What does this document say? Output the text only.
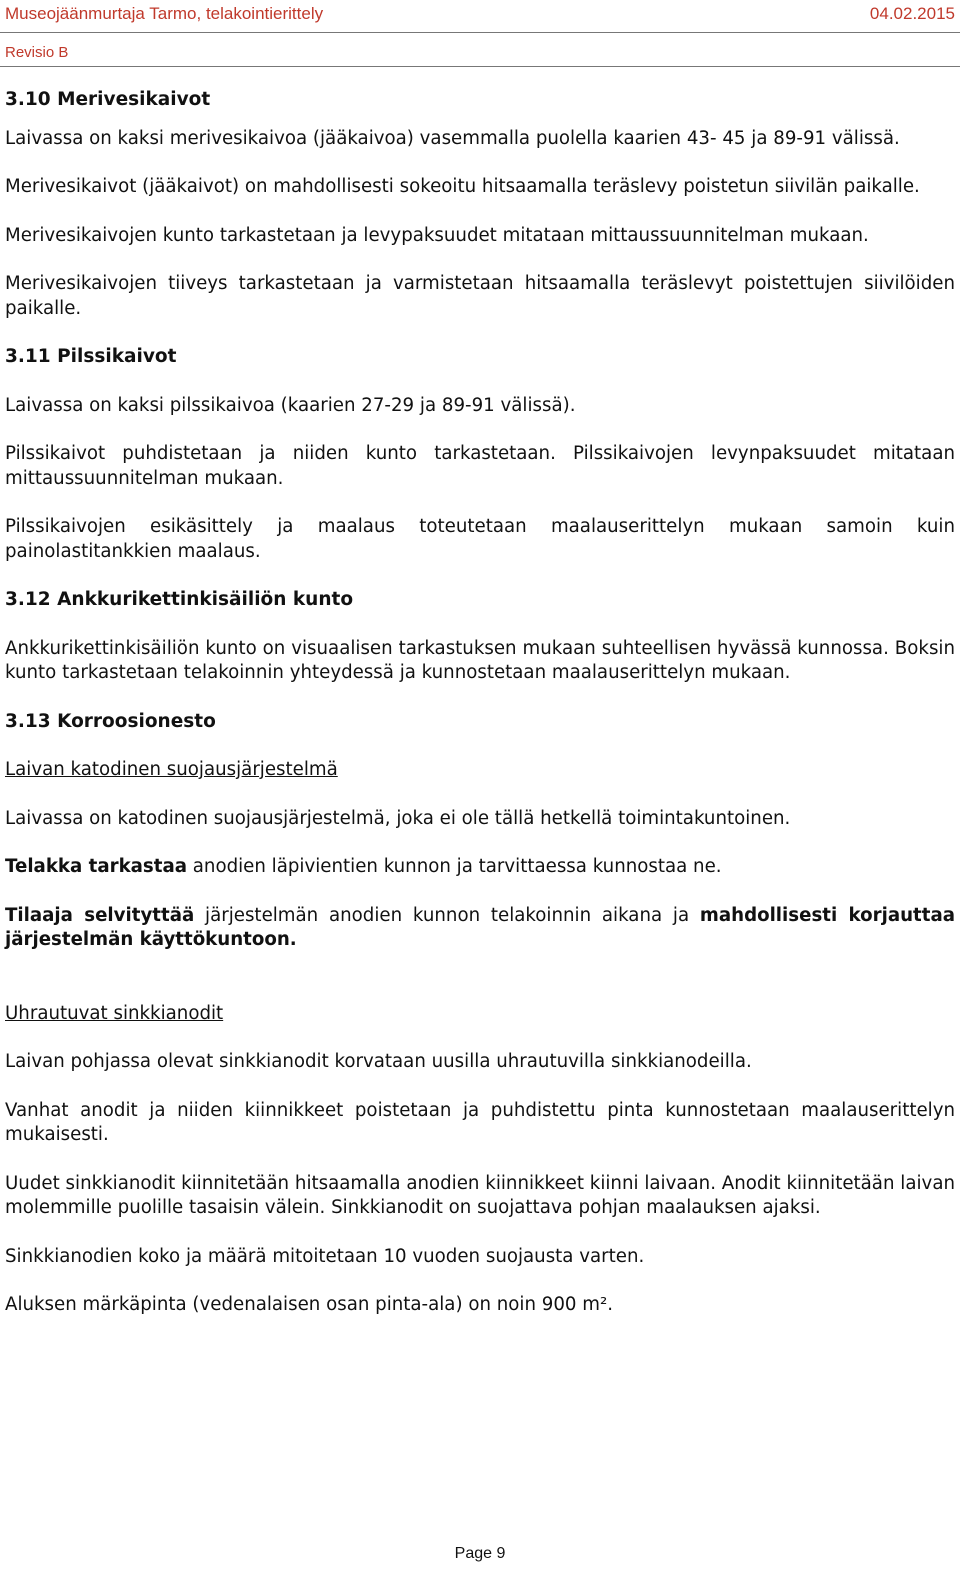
Museojäänmurtaja Tarmo, telakointierittely	04.02.2015
Revisio B
3.10 Merivesikaivot

Laivassa on kaksi merivesikaivoa (jääkaivoa) vasemmalla puolella kaarien 43- 45 ja 89-91 välissä.

Merivesikaivot (jääkaivot) on mahdollisesti sokeoitu hitsaamalla teräslevy poistetun siivilän paikalle.

Merivesikaivojen kunto tarkastetaan ja levypaksuudet mitataan mittaussuunnitelman mukaan.

Merivesikaivojen tiiveys tarkastetaan ja varmistetaan hitsaamalla teräslevyt poistettujen siivilöiden paikalle.

3.11 Pilssikaivot

Laivassa on kaksi pilssikaivoa (kaarien 27-29 ja 89-91 välissä).

Pilssikaivot puhdistetaan ja niiden kunto tarkastetaan. Pilssikaivojen levynpaksuudet mitataan mittaussuunnitelman mukaan.

Pilssikaivojen esikäsittely ja maalaus toteutetaan maalauserittelyn mukaan samoin kuin painolastitankkien maalaus.

3.12 Ankkurikettinkisäiliön kunto

Ankkurikettinkisäiliön kunto on visuaalisen tarkastuksen mukaan suhteellisen hyvässä kunnossa. Boksin kunto tarkastetaan telakoinnin yhteydessä ja kunnostetaan maalauserittelyn mukaan.

3.13 Korroosionesto

Laivan katodinen suojausjärjestelmä

Laivassa on katodinen suojausjärjestelmä, joka ei ole tällä hetkellä toimintakuntoinen.

Telakka tarkastaa anodien läpivientien kunnon ja tarvittaessa kunnostaa ne.

Tilaaja selvityttää järjestelmän anodien kunnon telakoinnin aikana ja mahdollisesti korjauttaa järjestelmän käyttökuntoon.

Uhrautuvat sinkkianodit

Laivan pohjassa olevat sinkkianodit korvataan uusilla uhrautuvilla sinkkianodeilla.

Vanhat anodit ja niiden kiinnikkeet poistetaan ja puhdistettu pinta kunnostetaan maalauserittelyn mukaisesti.

Uudet sinkkianodit kiinnitetään hitsaamalla anodien kiinnikkeet kiinni laivaan. Anodit kiinnitetään laivan molemmille puolille tasaisin välein. Sinkkianodit on suojattava pohjan maalauksen ajaksi.

Sinkkianodien koko ja määrä mitoitetaan 10 vuoden suojausta varten.

Aluksen märkäpinta (vedenalaisen osan pinta-ala) on noin 900 m².

Page 9
